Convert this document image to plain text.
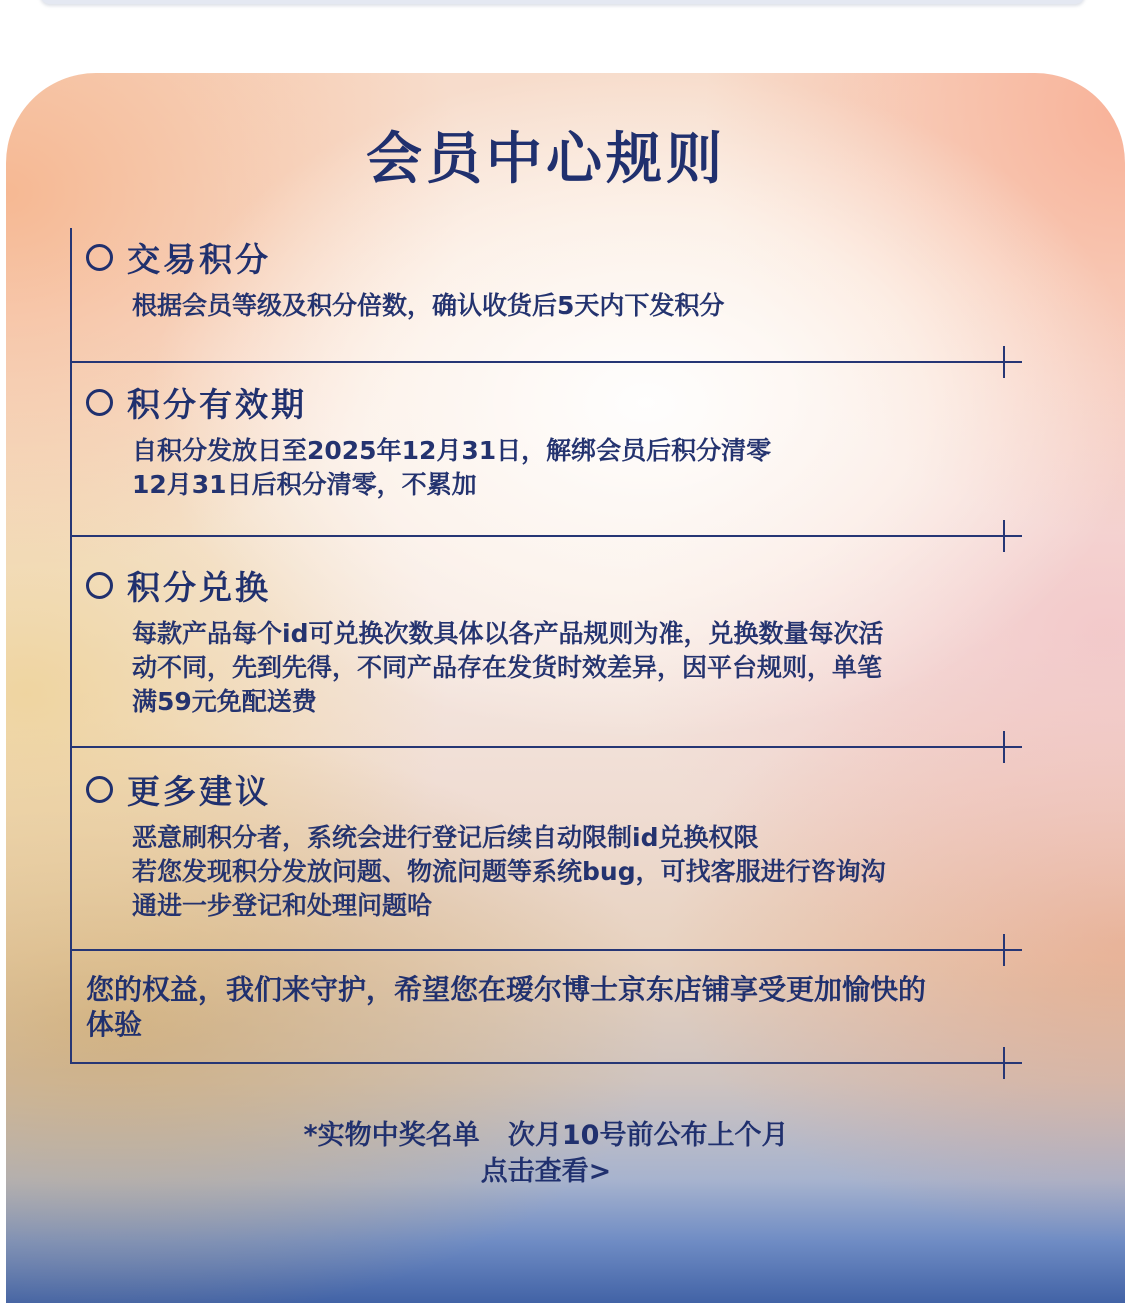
会员中心规则
交易积分
根据会员等级及积分倍数，确认收货后5天内下发积分
积分有效期
自积分发放日至2025年12月31日，解绑会员后积分清零
12月31日后积分清零，不累加
积分兑换
每款产品每个id可兑换次数具体以各产品规则为准，兑换数量每次活
动不同，先到先得，不同产品存在发货时效差异，因平台规则，单笔
满59元免配送费
更多建议
恶意刷积分者，系统会进行登记后续自动限制id兑换权限
若您发现积分发放问题、物流问题等系统bug，可找客服进行咨询沟
通进一步登记和处理问题哈
您的权益，我们来守护，希望您在瑷尔博士京东店铺享受更加愉快的
体验
*实物中奖名单   次月10号前公布上个月
点击查看>
